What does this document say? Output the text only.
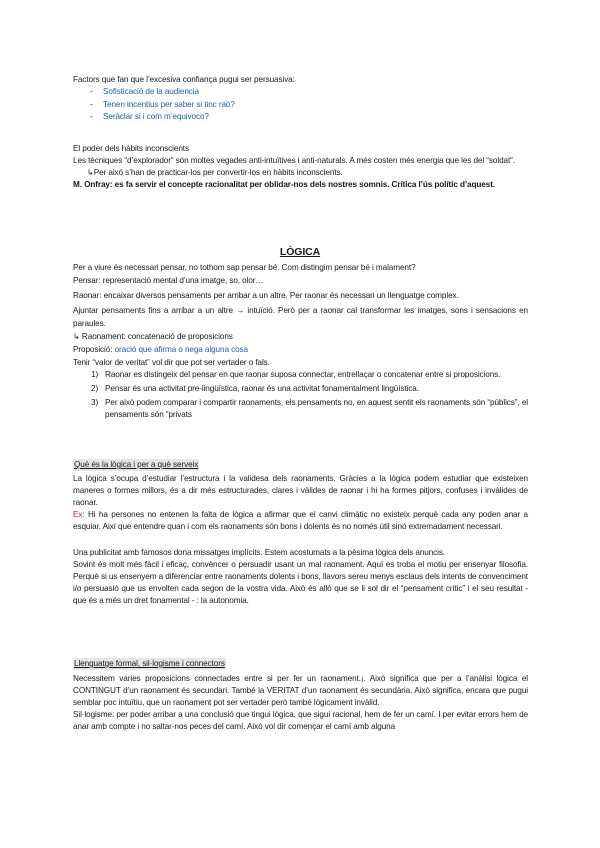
Factors que fan que l’excesiva confiança pugui ser persuasiva:

- Sofisticació de la audiencia
- Tenen incentius per saber si tinc raó?
- Seràclar si i com m’equivoco?

El poder dels hàbits inconscients

Les tècniques “d’explorador” són moltes vegades anti-intuïtives i anti-naturals. A més costen més energia que les del “soldat”.

↳Per aixó s’han de practicar-los per convertir-los en hàbits inconscients.

M. Onfray: es fa servir el concepte racionalitat per oblidar-nos dels nostres somnis. Crítica l’ús polític d’aquest.

LÒGICA

Per a viure és necessari pensar, no tothom sap pensar bé. Com distingim pensar bé i malament?

Pensar: representació mental d’una imatge, so, olor…

Raonar: encaixar diversos pensaments per arribar a un altre. Per raonar és necessari un llenguatge complex.

Ajuntar pensaments fins a arribar a un altre → intuïció. Però per a raonar cal transformar les imatges, sons i sensacions en paraules.

↳ Raonament: concatenació de proposicions

Proposició: oració que afirma o nega alguna cosa

Tenir “valor de veritat” vol dir que pot ser vertader o fals.

1) Raonar es distingeix del pensar en que raonar suposa connectar, entrellaçar o concatenar entre si proposicions.
2) Pensar és una activitat pre-lingüística, raonar és una activitat fonamentalment lingüística.
3) Per això podem comparar i compartir raonaments, els pensaments no, en aquest sentit els raonaments són “públics”, el pensaments són “privats

Què és la lògica i per a què serveix

La lògica s’ocupa d’estudiar l’estructura i la validesa dels raonaments. Gràcies a la lògica podem estudiar que existeixen maneres o formes millors, és a dir més estructurades, clares i vàlides de raonar i hi ha formes pitjors, confuses i invàlides de raonar.

Ex: Hi ha persones no entenen la falta de lògica a afirmar que el canvi climàtic no existeix perquè cada any poden anar a esquiar. Així que entendre quan i com els raonaments són bons i dolents és no només útil sinó extremadament necessari.

Una publicitat amb famosos dona missatges implícits. Estem acostumats a la pèsima lògica dels anuncis.

Sovint és molt més fàcil i eficaç, convèncer o persuadir usant un mal raonament. Aquí es troba el motiu per ensenyar filosofia. Perquè si us ensenyem a diferenciar entre raonaments dolents i bons, llavors sereu menys esclaus dels intents de convenciment i/o persuasió que us envolten cada segon de la vostra vida. Això és allò que se li sol dir el “pensament crític” i el seu resultat - que és a més un dret fonamental - : la autonomia.

Llenguatge formal, sil·logisme i connectors

Necessitem varies proposicions connectades entre si per fer un raonament.¡. Això significa que per a l’anàlisi lògica el CONTINGUT d’un raonament és secundari. També la VERITAT d’un raonament és secundària. Això significa, encara que pugui semblar poc intuïtiu, que un raonament pot ser vertader però també lògicament invàlid.

Sil·logisme: per poder arribar a una conclusió que tingui lògica, que sigui racional, hem de fer un camí. I per evitar errors hem de anar amb compte i no saltar-nos peces del camí. Això vol dir començar el camí amb alguna
